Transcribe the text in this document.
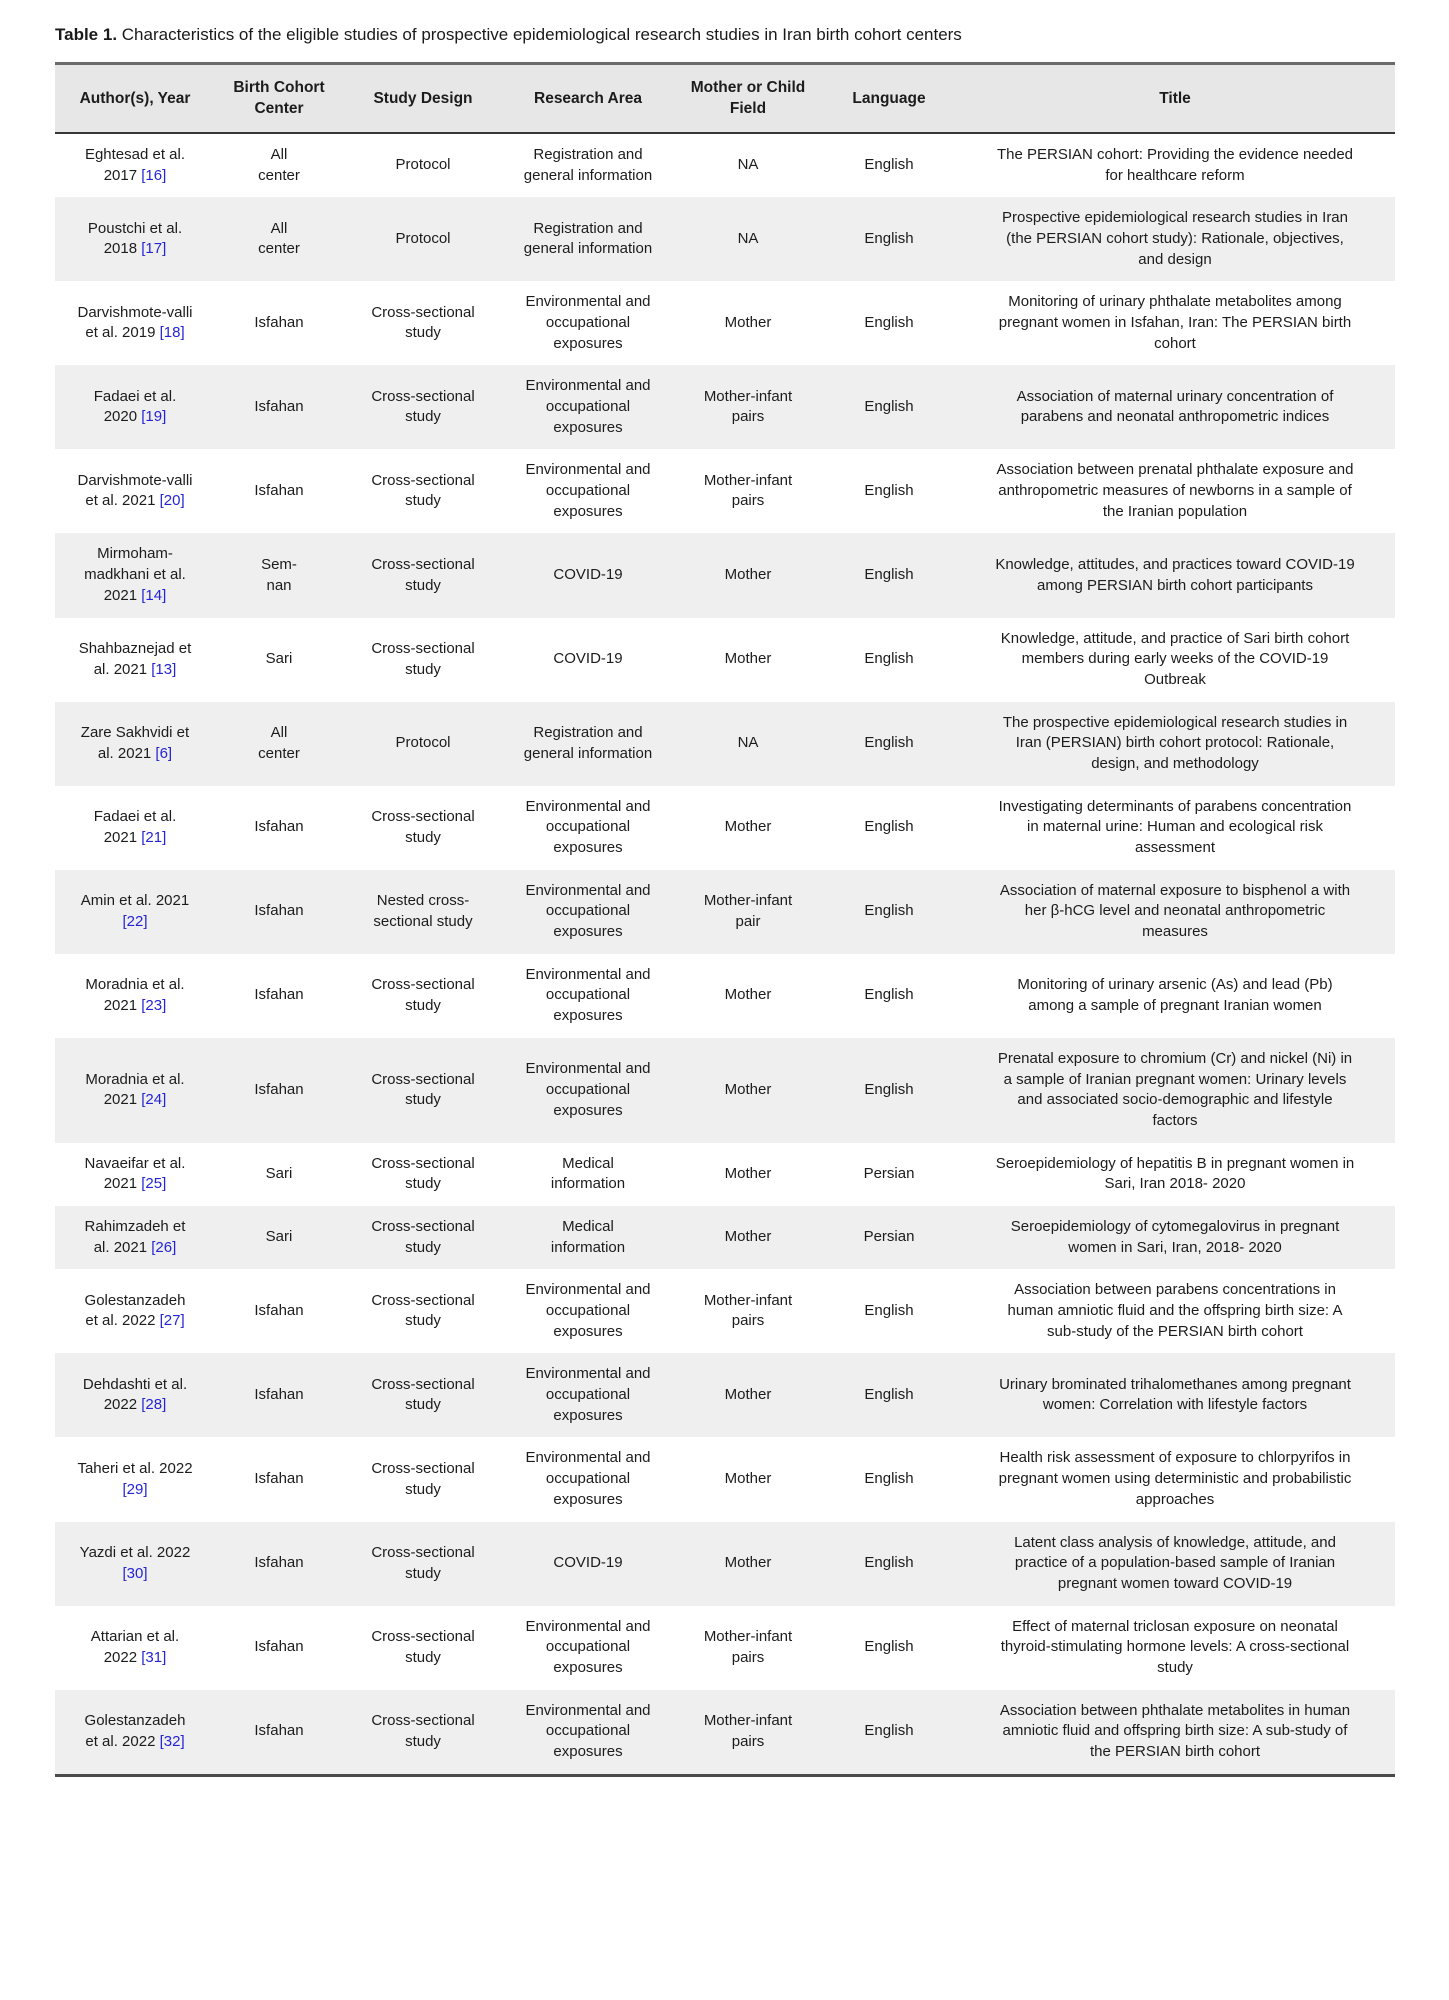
Table 1. Characteristics of the eligible studies of prospective epidemiological research studies in Iran birth cohort centers

Author(s), Year	Birth Cohort Center	Study Design	Research Area	Mother or Child Field	Language	Title
Eghtesad et al. 2017 [16]	All center	Protocol	Registration and general information	NA	English	The PERSIAN cohort: Providing the evidence needed for healthcare reform
Poustchi et al. 2018 [17]	All center	Protocol	Registration and general information	NA	English	Prospective epidemiological research studies in Iran (the PERSIAN cohort study): Rationale, objectives, and design
Darvishmote-valli et al. 2019 [18]	Isfahan	Cross-sectional study	Environmental and occupational exposures	Mother	English	Monitoring of urinary phthalate metabolites among pregnant women in Isfahan, Iran: The PERSIAN birth cohort
Fadaei et al. 2020 [19]	Isfahan	Cross-sectional study	Environmental and occupational exposures	Mother-infant pairs	English	Association of maternal urinary concentration of parabens and neonatal anthropometric indices
Darvishmote-valli et al. 2021 [20]	Isfahan	Cross-sectional study	Environmental and occupational exposures	Mother-infant pairs	English	Association between prenatal phthalate exposure and anthropometric measures of newborns in a sample of the Iranian population
Mirmoham-madkhani et al. 2021 [14]	Sem-nan	Cross-sectional study	COVID-19	Mother	English	Knowledge, attitudes, and practices toward COVID-19 among PERSIAN birth cohort participants
Shahbaznejad et al. 2021 [13]	Sari	Cross-sectional study	COVID-19	Mother	English	Knowledge, attitude, and practice of Sari birth cohort members during early weeks of the COVID-19 Outbreak
Zare Sakhvidi et al. 2021 [6]	All center	Protocol	Registration and general information	NA	English	The prospective epidemiological research studies in Iran (PERSIAN) birth cohort protocol: Rationale, design, and methodology
Fadaei et al. 2021 [21]	Isfahan	Cross-sectional study	Environmental and occupational exposures	Mother	English	Investigating determinants of parabens concentration in maternal urine: Human and ecological risk assessment
Amin et al. 2021 [22]	Isfahan	Nested cross-sectional study	Environmental and occupational exposures	Mother-infant pair	English	Association of maternal exposure to bisphenol a with her β-hCG level and neonatal anthropometric measures
Moradnia et al. 2021 [23]	Isfahan	Cross-sectional study	Environmental and occupational exposures	Mother	English	Monitoring of urinary arsenic (As) and lead (Pb) among a sample of pregnant Iranian women
Moradnia et al. 2021 [24]	Isfahan	Cross-sectional study	Environmental and occupational exposures	Mother	English	Prenatal exposure to chromium (Cr) and nickel (Ni) in a sample of Iranian pregnant women: Urinary levels and associated socio-demographic and lifestyle factors
Navaeifar et al. 2021 [25]	Sari	Cross-sectional study	Medical information	Mother	Persian	Seroepidemiology of hepatitis B in pregnant women in Sari, Iran 2018- 2020
Rahimzadeh et al. 2021 [26]	Sari	Cross-sectional study	Medical information	Mother	Persian	Seroepidemiology of cytomegalovirus in pregnant women in Sari, Iran, 2018- 2020
Golestanzadeh et al. 2022 [27]	Isfahan	Cross-sectional study	Environmental and occupational exposures	Mother-infant pairs	English	Association between parabens concentrations in human amniotic fluid and the offspring birth size: A sub-study of the PERSIAN birth cohort
Dehdashti et al. 2022 [28]	Isfahan	Cross-sectional study	Environmental and occupational exposures	Mother	English	Urinary brominated trihalomethanes among pregnant women: Correlation with lifestyle factors
Taheri et al. 2022 [29]	Isfahan	Cross-sectional study	Environmental and occupational exposures	Mother	English	Health risk assessment of exposure to chlorpyrifos in pregnant women using deterministic and probabilistic approaches
Yazdi et al. 2022 [30]	Isfahan	Cross-sectional study	COVID-19	Mother	English	Latent class analysis of knowledge, attitude, and practice of a population-based sample of Iranian pregnant women toward COVID-19
Attarian et al. 2022 [31]	Isfahan	Cross-sectional study	Environmental and occupational exposures	Mother-infant pairs	English	Effect of maternal triclosan exposure on neonatal thyroid-stimulating hormone levels: A cross-sectional study
Golestanzadeh et al. 2022 [32]	Isfahan	Cross-sectional study	Environmental and occupational exposures	Mother-infant pairs	English	Association between phthalate metabolites in human amniotic fluid and offspring birth size: A sub-study of the PERSIAN birth cohort
